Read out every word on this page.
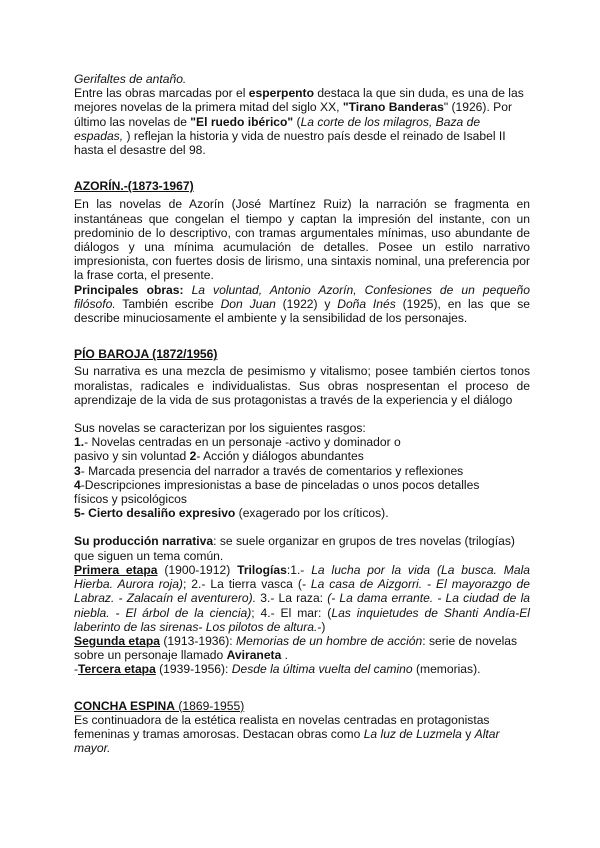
Gerifaltes de antaño.

Entre las obras marcadas por el esperpento destaca la que sin duda, es una de las mejores novelas de la primera mitad del siglo XX, "Tirano Banderas" (1926). Por último las novelas de "El ruedo ibérico" (La corte de los milagros, Baza de espadas, ) reflejan la historia y vida de nuestro país desde el reinado de Isabel II hasta el desastre del 98.

AZORÍN.-(1873-1967)

En las novelas de Azorín (José Martínez Ruiz) la narración se fragmenta en instantáneas que congelan el tiempo y captan la impresión del instante, con un predominio de lo descriptivo, con tramas argumentales mínimas, uso abundante de diálogos y una mínima acumulación de detalles. Posee un estilo narrativo impresionista, con fuertes dosis de lirismo, una sintaxis nominal, una preferencia por la frase corta, el presente.

Principales obras: La voluntad, Antonio Azorín, Confesiones de un pequeño filósofo. También escribe Don Juan (1922) y Doña Inés (1925), en las que se describe minuciosamente el ambiente y la sensibilidad de los personajes.

PÍO BAROJA (1872/1956)

Su narrativa es una mezcla de pesimismo y vitalismo; posee también ciertos tonos moralistas, radicales e individualistas. Sus obras nospresentan el proceso de aprendizaje de la vida de sus protagonistas a través de la experiencia y el diálogo

Sus novelas se caracterizan por los siguientes rasgos:

1.- Novelas centradas en un personaje -activo y dominador o

pasivo y sin voluntad 2- Acción y diálogos abundantes

3- Marcada presencia del narrador a través de comentarios y reflexiones

4-Descripciones impresionistas a base de pinceladas o unos pocos detalles

físicos y psicológicos

5- Cierto desaliño expresivo (exagerado por los críticos).

Su producción narrativa: se suele organizar en grupos de tres novelas (trilogías) que siguen un tema común.

Primera etapa (1900-1912) Trilogías:1.- La lucha por la vida (La busca. Mala Hierba. Aurora roja); 2.- La tierra vasca (- La casa de Aizgorri. - El mayorazgo de Labraz. - Zalacaín el aventurero). 3.- La raza: (- La dama errante. - La ciudad de la niebla. - El árbol de la ciencia); 4.- El mar: (Las inquietudes de Shanti Andía-El laberinto de las sirenas- Los pilotos de altura.-)

Segunda etapa (1913-1936): Memorias de un hombre de acción: serie de novelas sobre un personaje llamado Aviraneta .

-Tercera etapa (1939-1956): Desde la última vuelta del camino (memorias).

CONCHA ESPINA (1869-1955)

Es continuadora de la estética realista en novelas centradas en protagonistas femeninas y tramas amorosas. Destacan obras como La luz de Luzmela y Altar mayor.
